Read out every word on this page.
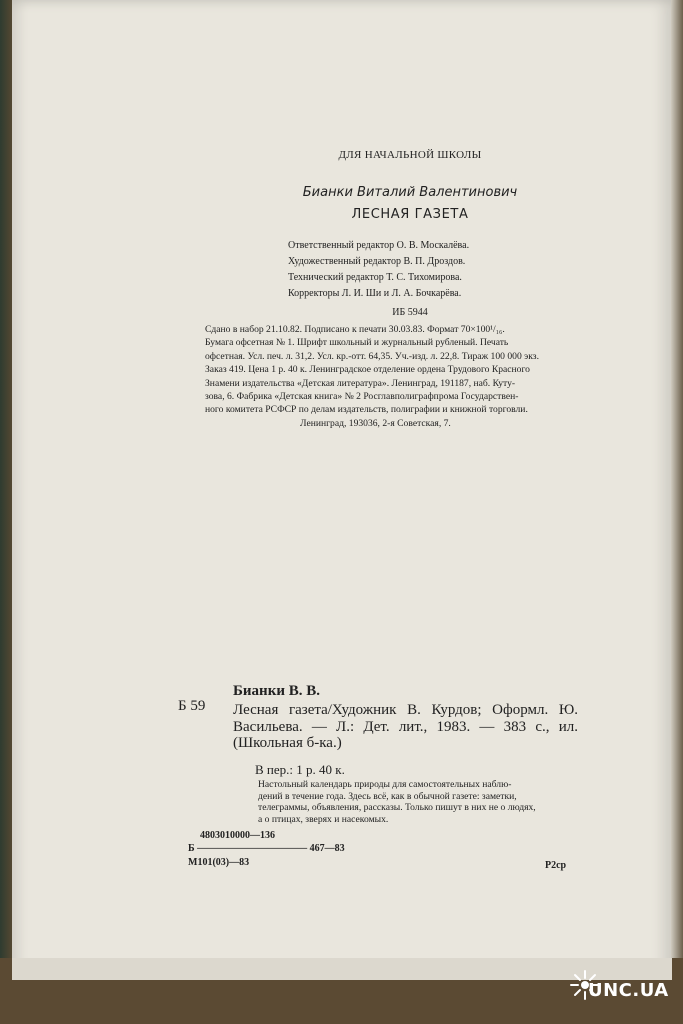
ДЛЯ НАЧАЛЬНОЙ ШКОЛЫ
Бианки Виталий Валентинович
ЛЕСНАЯ ГАЗЕТА
Ответственный редактор О. В. Москалёва.
Художественный редактор В. П. Дроздов.
Технический редактор Т. С. Тихомирова.
Корректоры Л. И. Ши и Л. А. Бочкарёва.
ИБ 5944
Сдано в набор 21.10.82. Подписано к печати 30.03.83. Формат 70×100¹/₁₆.
Бумага офсетная № 1. Шрифт школьный и журнальный рубленый. Печать
офсетная. Усл. печ. л. 31,2. Усл. кр.-отт. 64,35. Уч.-изд. л. 22,8. Тираж 100 000 экз.
Заказ 419. Цена 1 р. 40 к. Ленинградское отделение ордена Трудового Красного
Знамени издательства «Детская литература». Ленинград, 191187, наб. Куту-
зова, 6. Фабрика «Детская книга» № 2 Росглавполиграфпрома Государствен-
ного комитета РСФСР по делам издательств, полиграфии и книжной торговли.
Ленинград, 193036, 2-я Советская, 7.
Б 59
Бианки В. В.
Лесная газета/Художник В. Курдов; Оформл. Ю. Васильева. — Л.: Дет. лит., 1983. — 383 с., ил. (Школьная б-ка.)
В пер.: 1 р. 40 к.
Настольный календарь природы для самостоятельных наблю-
дений в течение года. Здесь всё, как в обычной газете: заметки,
телеграммы, объявления, рассказы. Только пишут в них не о людях,
а о птицах, зверях и насекомых.
4803010000—136
Б ——————————— 467—83
М101(03)—83	Р2ср
UNC.UA
